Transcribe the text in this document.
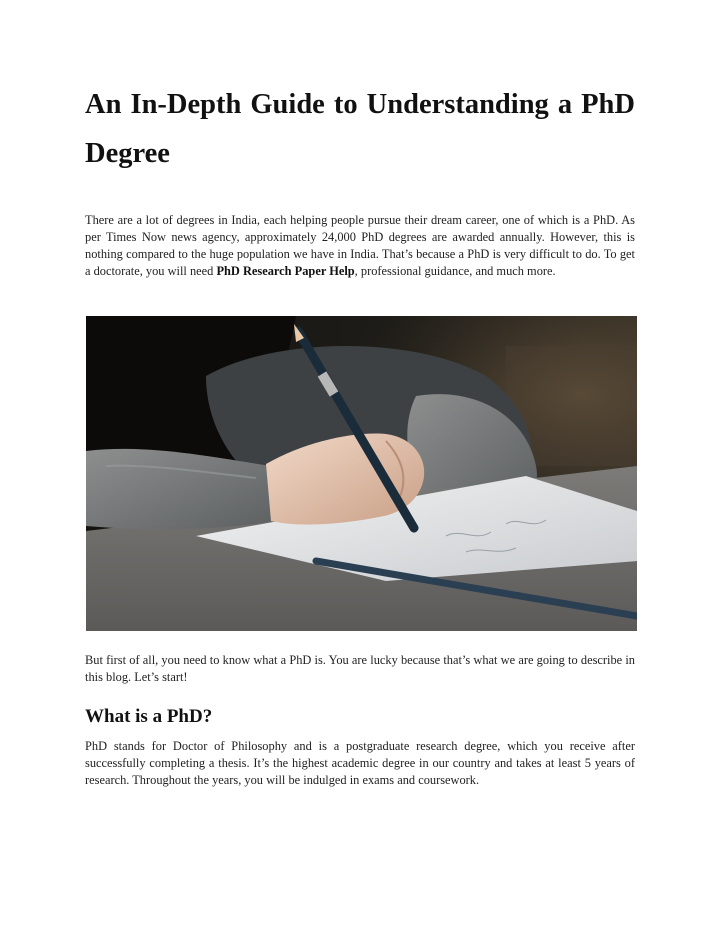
An In-Depth Guide to Understanding a PhD Degree

There are a lot of degrees in India, each helping people pursue their dream career, one of which is a PhD. As per Times Now news agency, approximately 24,000 PhD degrees are awarded annually. However, this is nothing compared to the huge population we have in India. That’s because a PhD is very difficult to do. To get a doctorate, you will need PhD Research Paper Help, professional guidance, and much more.

But first of all, you need to know what a PhD is. You are lucky because that’s what we are going to describe in this blog. Let’s start!

What is a PhD?

PhD stands for Doctor of Philosophy and is a postgraduate research degree, which you receive after successfully completing a thesis. It’s the highest academic degree in our country and takes at least 5 years of research. Throughout the years, you will be indulged in exams and coursework.
